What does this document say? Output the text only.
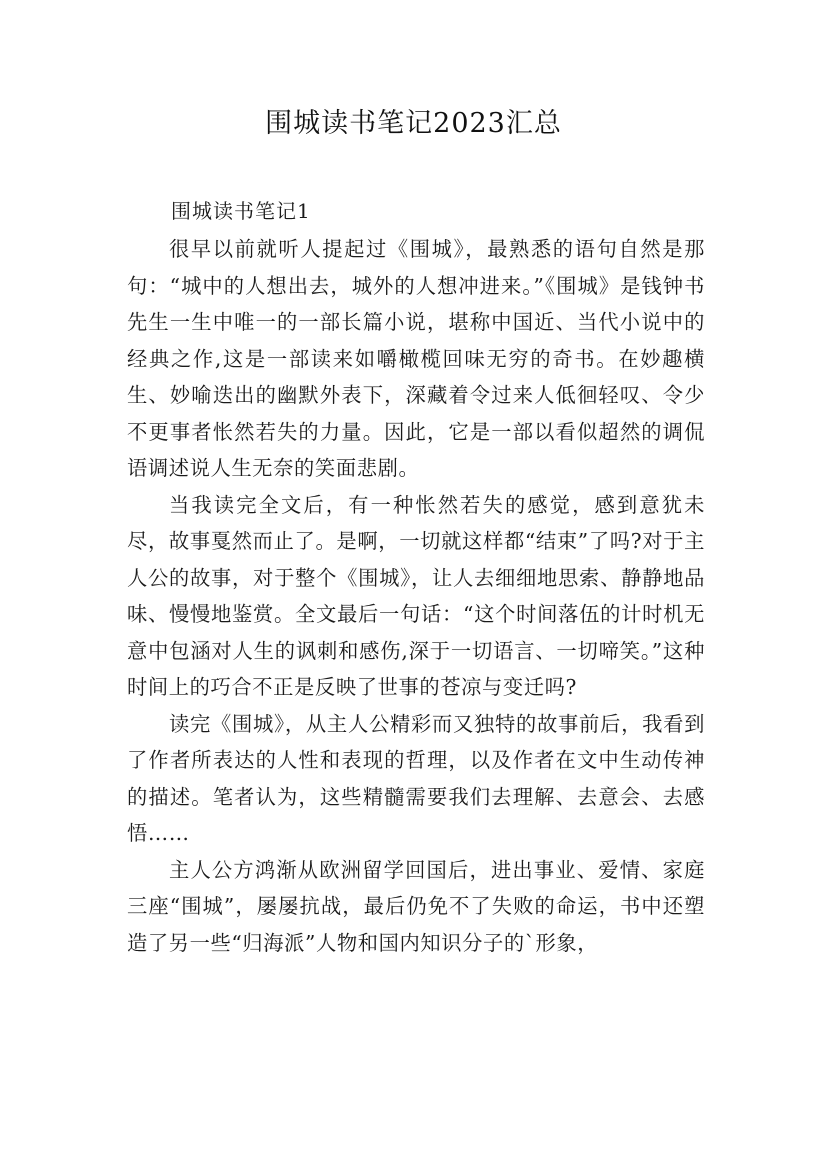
围城读书笔记2023汇总
围城读书笔记1

很早以前就听人提起过《围城》，最熟悉的语句自然是那句：“城中的人想出去，城外的人想冲进来。”《围城》是钱钟书先生一生中唯一的一部长篇小说，堪称中国近、当代小说中的经典之作,这是一部读来如嚼橄榄回味无穷的奇书。在妙趣横生、妙喻迭出的幽默外表下，深藏着令过来人低徊轻叹、令少不更事者怅然若失的力量。因此，它是一部以看似超然的调侃语调述说人生无奈的笑面悲剧。

当我读完全文后，有一种怅然若失的感觉，感到意犹未尽，故事戛然而止了。是啊，一切就这样都“结束”了吗?对于主人公的故事，对于整个《围城》，让人去细细地思索、静静地品味、慢慢地鉴赏。全文最后一句话：“这个时间落伍的计时机无意中包涵对人生的讽刺和感伤,深于一切语言、一切啼笑。”这种时间上的巧合不正是反映了世事的苍凉与变迁吗?

读完《围城》，从主人公精彩而又独特的故事前后，我看到了作者所表达的人性和表现的哲理，以及作者在文中生动传神的描述。笔者认为，这些精髓需要我们去理解、去意会、去感悟……

主人公方鸿渐从欧洲留学回国后，进出事业、爱情、家庭三座“围城”，屡屡抗战，最后仍免不了失败的命运，书中还塑造了另一些“归海派”人物和国内知识分子的`形象，
